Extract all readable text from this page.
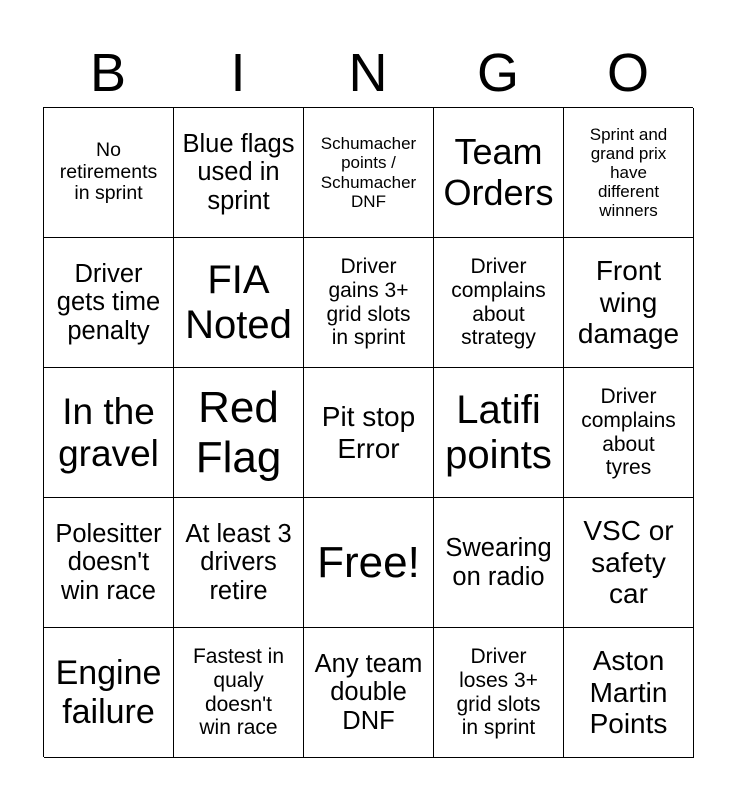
B	I	N	G	O
No
retirements
in sprint
Blue flags
used in
sprint
Schumacher
points /
Schumacher
DNF
Team
Orders
Sprint and
grand prix
have
different
winners
Driver
gets time
penalty
FIA
Noted
Driver
gains 3+
grid slots
in sprint
Driver
complains
about
strategy
Front
wing
damage
In the
gravel
Red
Flag
Pit stop
Error
Latifi
points
Driver
complains
about
tyres
Polesitter
doesn't
win race
At least 3
drivers
retire
Free!	Swearing
on radio
VSC or
safety
car
Engine
failure
Fastest in
qualy
doesn't
win race
Any team
double
DNF
Driver
loses 3+
grid slots
in sprint
Aston
Martin
Points
